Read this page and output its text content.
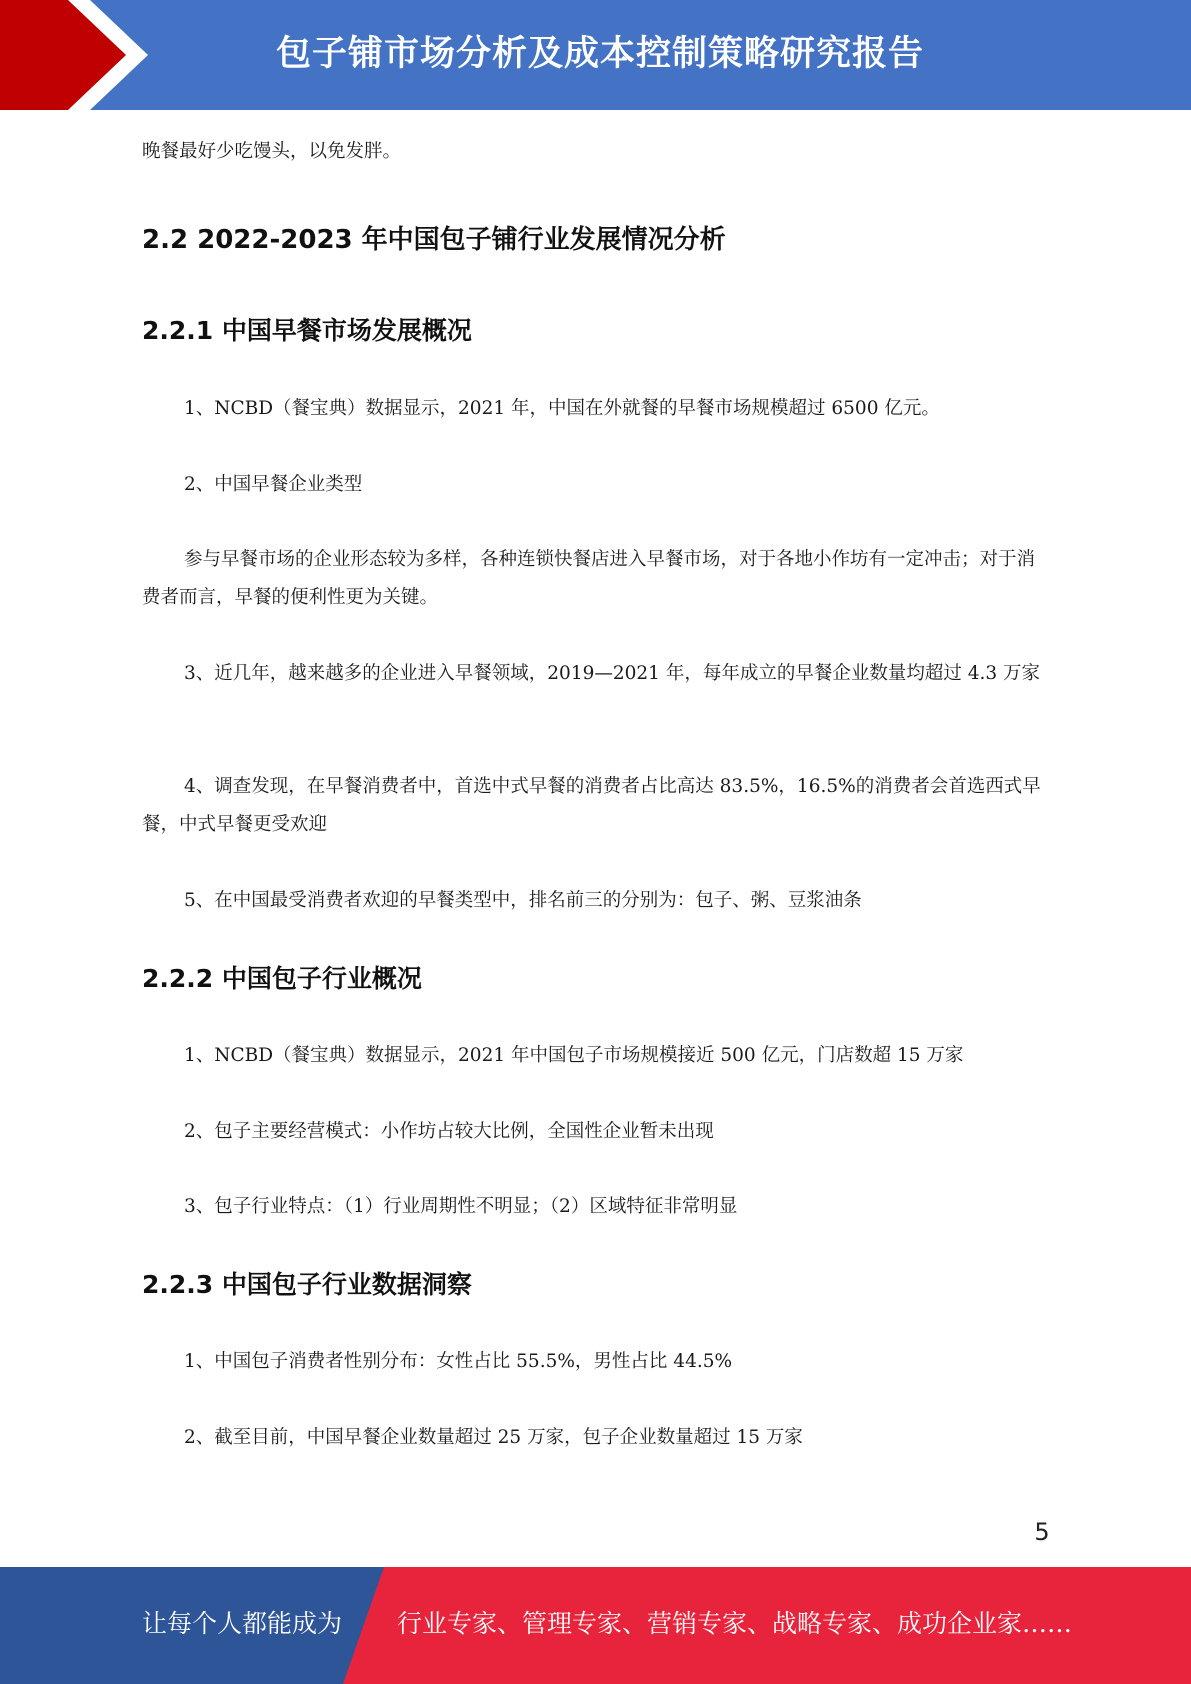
包子铺市场分析及成本控制策略研究报告
晚餐最好少吃馒头，以免发胖。
2.2 2022-2023 年中国包子铺行业发展情况分析
2.2.1 中国早餐市场发展概况
1、NCBD（餐宝典）数据显示，2021 年，中国在外就餐的早餐市场规模超过 6500 亿元。
2、中国早餐企业类型
参与早餐市场的企业形态较为多样，各种连锁快餐店进入早餐市场，对于各地小作坊有一定冲击；对于消费者而言，早餐的便利性更为关键。
3、近几年，越来越多的企业进入早餐领域，2019—2021 年，每年成立的早餐企业数量均超过 4.3 万家
4、调查发现，在早餐消费者中，首选中式早餐的消费者占比高达 83.5%，16.5%的消费者会首选西式早餐，中式早餐更受欢迎
5、在中国最受消费者欢迎的早餐类型中，排名前三的分别为：包子、粥、豆浆油条
2.2.2 中国包子行业概况
1、NCBD（餐宝典）数据显示，2021 年中国包子市场规模接近 500 亿元，门店数超 15 万家
2、包子主要经营模式：小作坊占较大比例，全国性企业暂未出现
3、包子行业特点：（1）行业周期性不明显；（2）区域特征非常明显
2.2.3 中国包子行业数据洞察
1、中国包子消费者性别分布：女性占比 55.5%，男性占比 44.5%
2、截至目前，中国早餐企业数量超过 25 万家，包子企业数量超过 15 万家
5
让每个人都能成为 行业专家、管理专家、营销专家、战略专家、成功企业家……
